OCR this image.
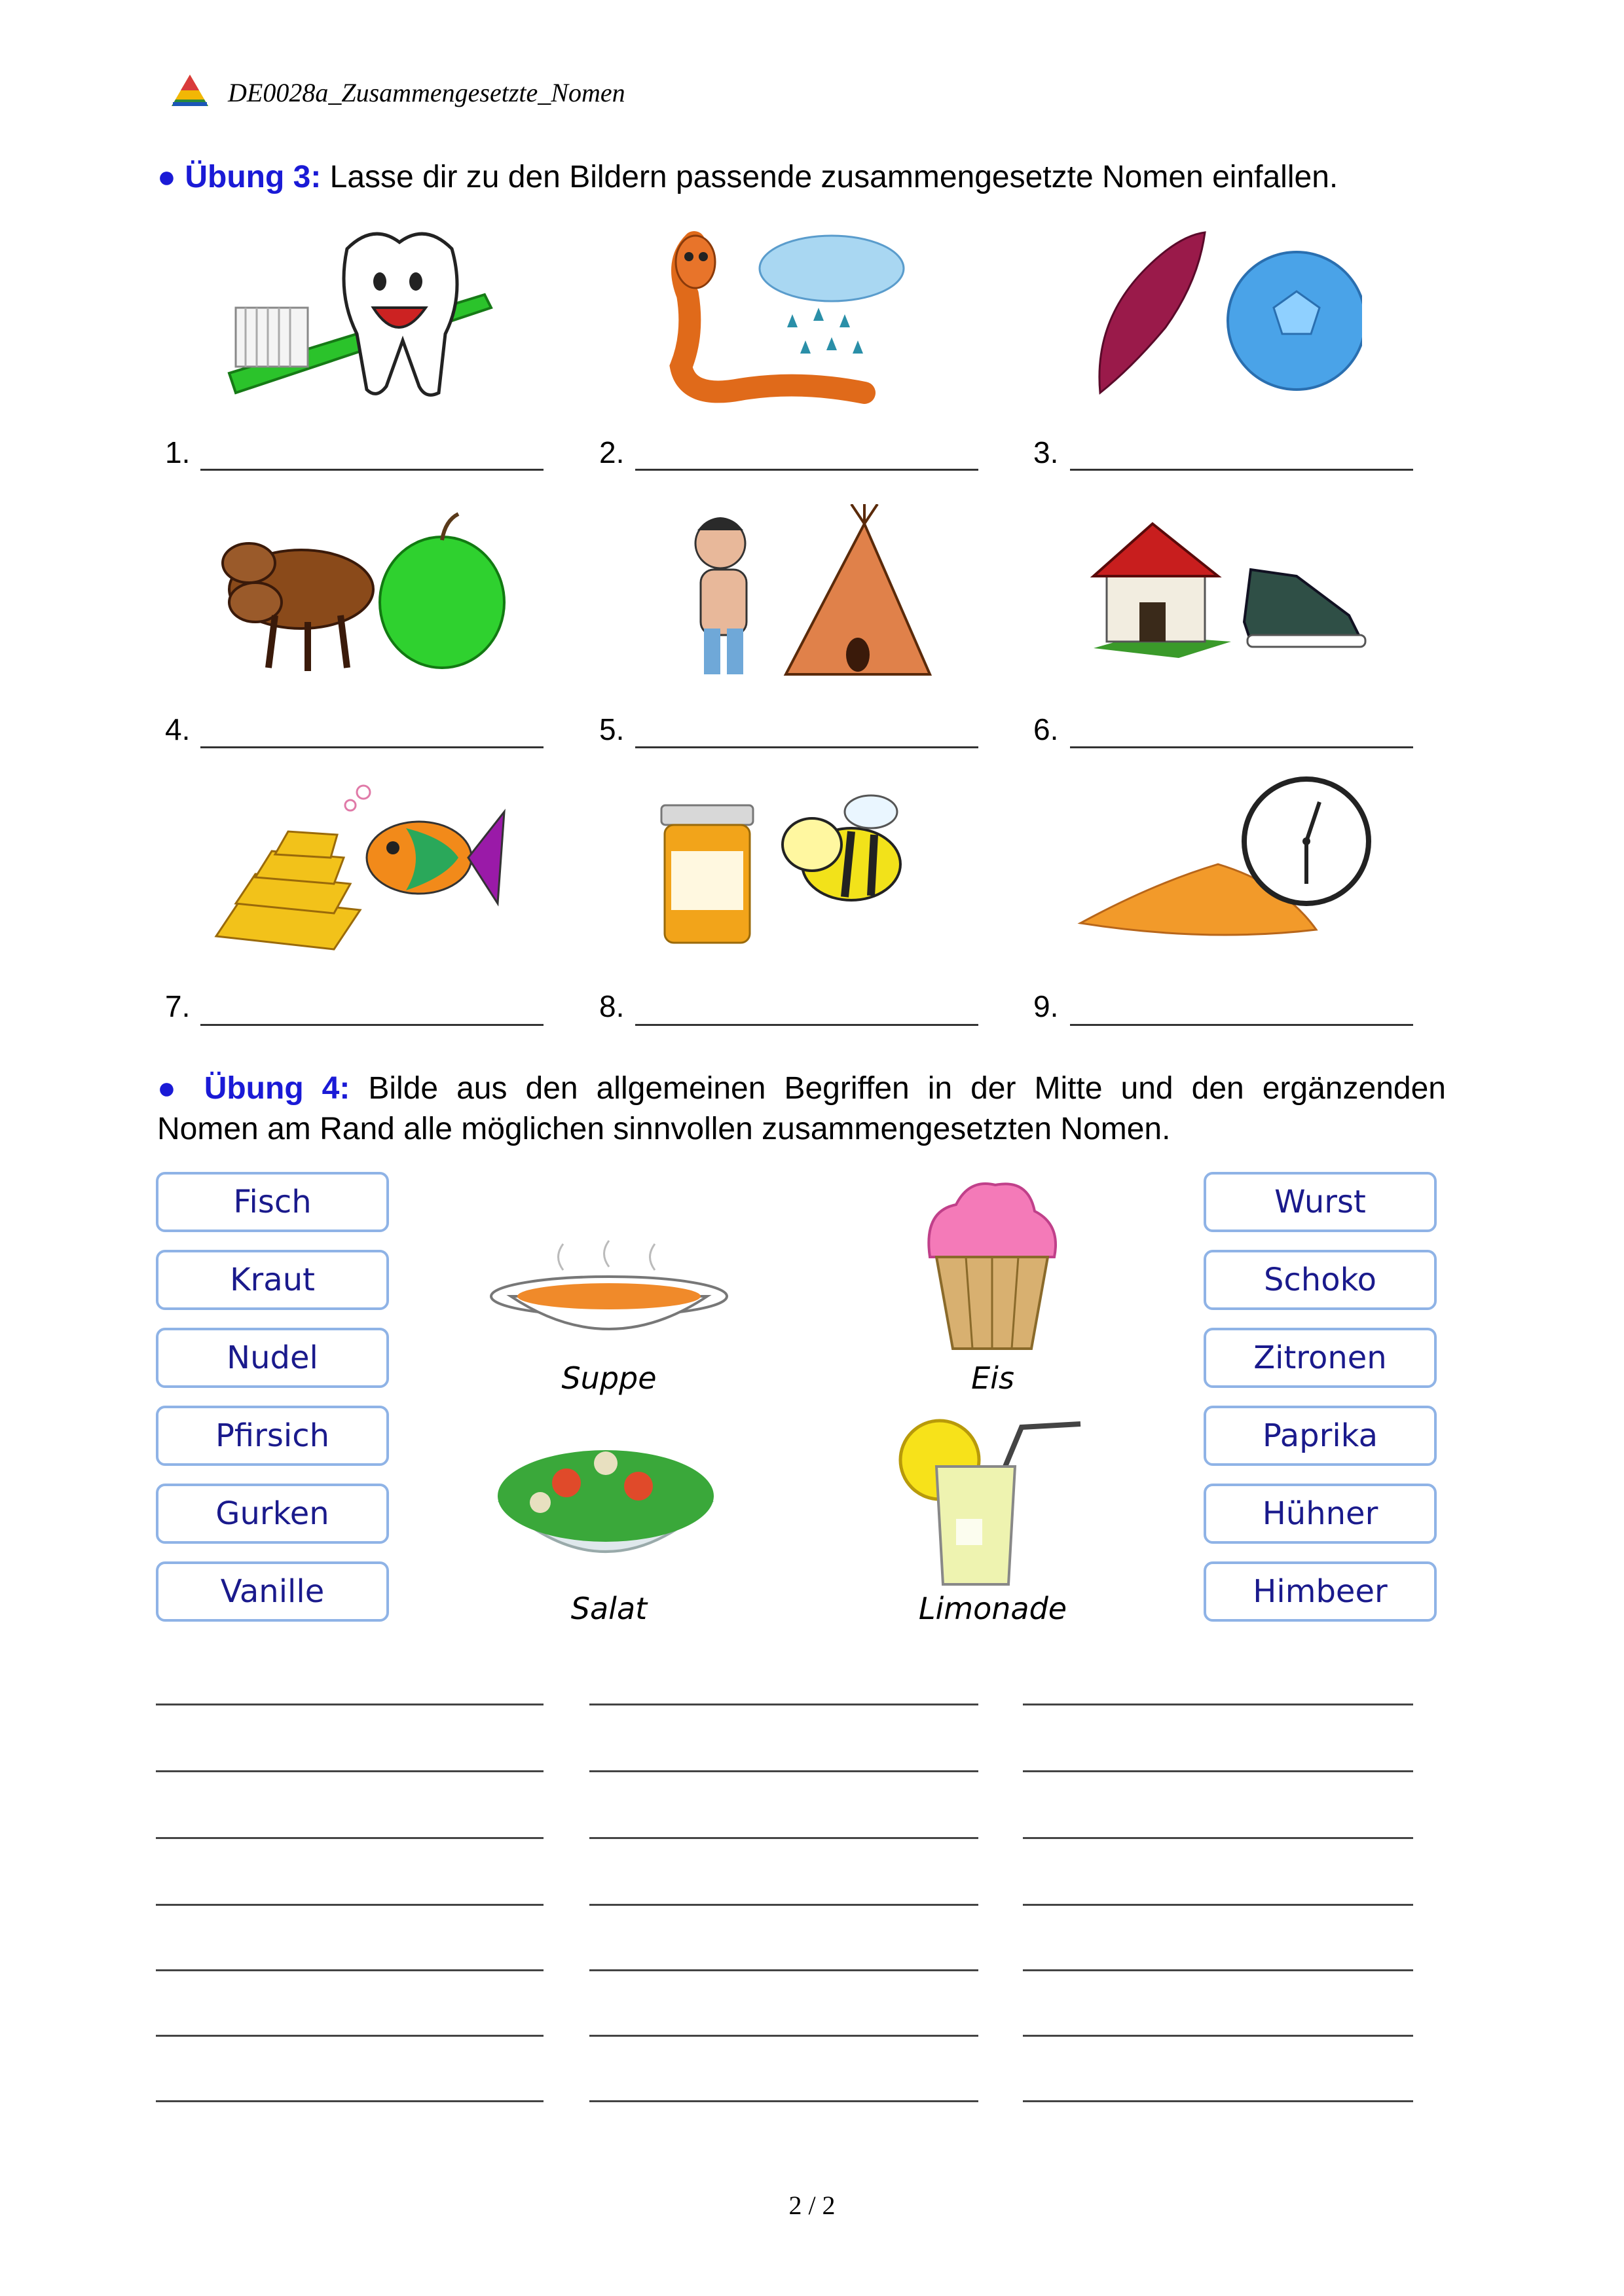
DE0028a_Zusammengesetzte_Nomen
● Übung 3: Lasse dir zu den Bildern passende zusammengesetzte Nomen einfallen.
1.	2.	3.
4.	5.	6.
7.	8.	9.
● Übung 4: Bilde aus den allgemeinen Begriffen in der Mitte und den ergänzenden
Nomen am Rand alle möglichen sinnvollen zusammengesetzten Nomen.
Fisch
Kraut
Nudel
Pfirsich
Gurken
Vanille
Wurst
Schoko
Zitronen
Paprika
Hühner
Himbeer
Suppe	Eis
Salat	Limonade
2 / 2
